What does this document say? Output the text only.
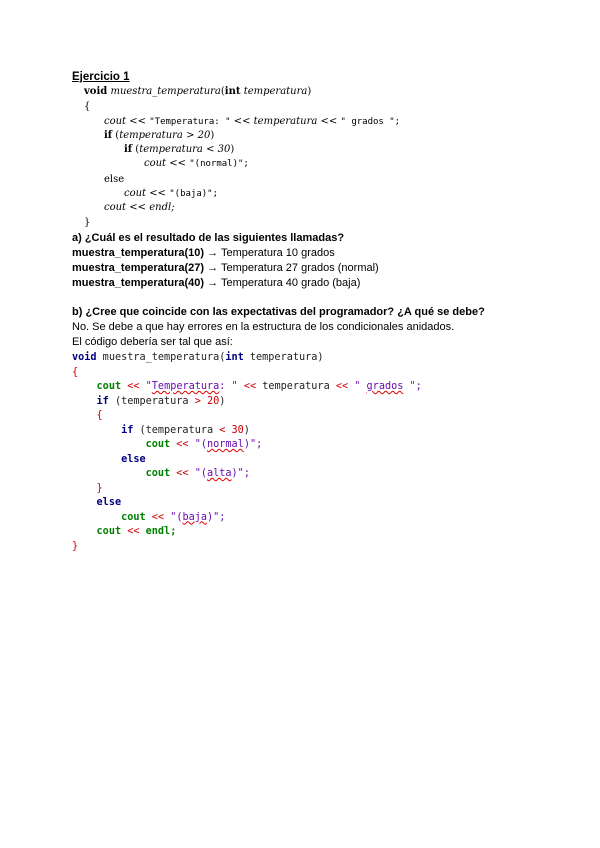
Ejercicio 1
void muestra_temperatura(int temperatura)
{
cout << "Temperatura: " << temperatura << " grados ";
if (temperatura > 20)
if (temperatura < 30)
cout << "(normal)";
else
cout << "(baja)";
cout << endl;
}
a) ¿Cuál es el resultado de las siguientes llamadas?
muestra_temperatura(10) → Temperatura 10 grados
muestra_temperatura(27) → Temperatura 27 grados (normal)
muestra_temperatura(40) → Temperatura 40 grado (baja)
b) ¿Cree que coincide con las expectativas del programador? ¿A qué se debe?
No. Se debe a que hay errores en la estructura de los condicionales anidados.
El código debería ser tal que así:
void muestra_temperatura(int temperatura)
{
cout << "Temperatura: " << temperatura << " grados ";
if (temperatura > 20)
{
if (temperatura < 30)
cout << "(normal)";
else
cout << "(alta)";
}
else
cout << "(baja)";
cout << endl;
}
